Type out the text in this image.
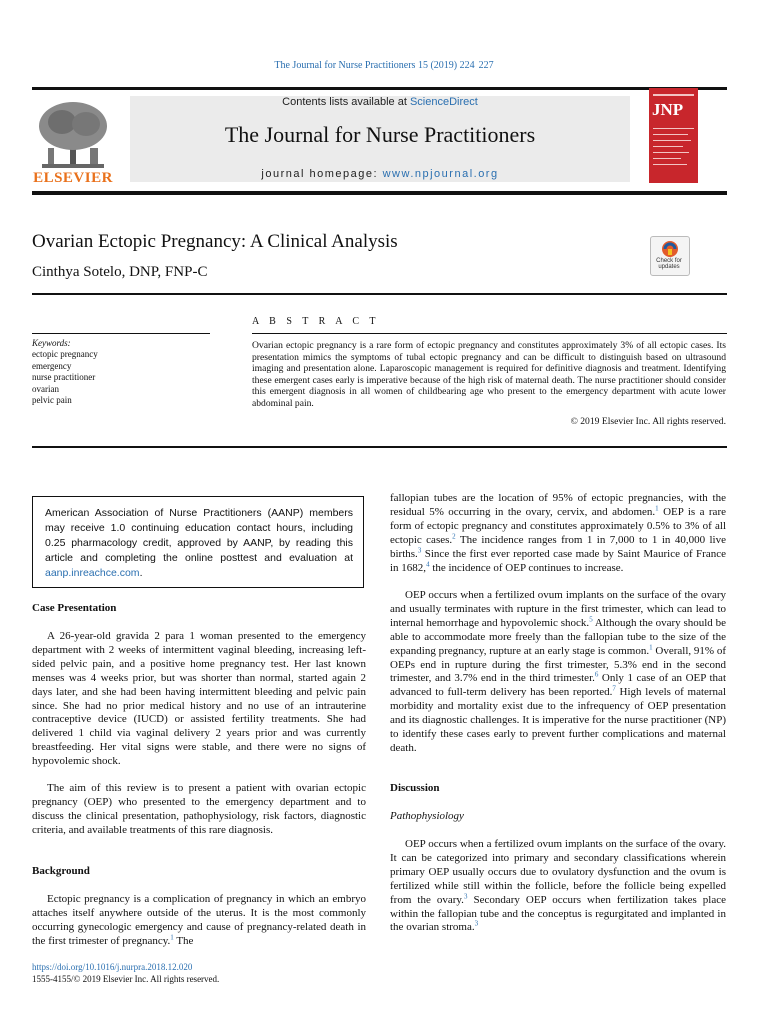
The Journal for Nurse Practitioners 15 (2019) 224  227
ELSEVIER
Contents lists available at ScienceDirect
The Journal for Nurse Practitioners
journal homepage: www.npjournal.org
JNP
Ovarian Ectopic Pregnancy: A Clinical Analysis
Cinthya Sotelo, DNP, FNP-C
Check for updates
A B S T R A C T
Keywords:
ectopic pregnancy
emergency
nurse practitioner
ovarian
pelvic pain
Ovarian ectopic pregnancy is a rare form of ectopic pregnancy and constitutes approximately 3% of all ectopic cases. Its presentation mimics the symptoms of tubal ectopic pregnancy and can be difficult to distinguish based on ultrasound imaging and presentation alone. Laparoscopic management is required for definitive diagnosis and treatment. Identifying these emergent cases early is imperative because of the high risk of maternal death. The nurse practitioner should consider this emergent diagnosis in all women of childbearing age who present to the emergency department with acute lower abdominal pain.
© 2019 Elsevier Inc. All rights reserved.
American Association of Nurse Practitioners (AANP) members may receive 1.0 continuing education contact hours, including 0.25 pharmacology credit, approved by AANP, by reading this article and completing the online posttest and evaluation at aanp.inreachce.com.
Case Presentation
A 26-year-old gravida 2 para 1 woman presented to the emergency department with 2 weeks of intermittent vaginal bleeding, increasing left-sided pelvic pain, and a positive home pregnancy test. Her last known menses was 4 weeks prior, but was shorter than normal, started again 2 days later, and she had been having intermittent bleeding and pelvic pain since. She had no prior medical history and no use of an intrauterine contraceptive device (IUCD) or assisted fertility treatments. She had delivered 1 child via vaginal delivery 2 years prior and was currently breastfeeding. Her vital signs were stable, and there were no signs of hypovolemic shock.
The aim of this review is to present a patient with ovarian ectopic pregnancy (OEP) who presented to the emergency department and to discuss the clinical presentation, pathophysiology, risk factors, diagnostic criteria, and available treatments of this rare diagnosis.
Background
Ectopic pregnancy is a complication of pregnancy in which an embryo attaches itself anywhere outside of the uterus. It is the most commonly occurring gynecologic emergency and cause of pregnancy-related death in the first trimester of pregnancy.$^1$ The
fallopian tubes are the location of 95% of ectopic pregnancies, with the residual 5% occurring in the ovary, cervix, and abdomen.$^1$ OEP is a rare form of ectopic pregnancy and constitutes approximately 0.5% to 3% of all ectopic cases.$^2$ The incidence ranges from 1 in 7,000 to 1 in 40,000 live births.$^3$ Since the first ever reported case made by Saint Maurice of France in 1682,$^4$ the incidence of OEP continues to increase.
OEP occurs when a fertilized ovum implants on the surface of the ovary and usually terminates with rupture in the first trimester, which can lead to internal hemorrhage and hypovolemic shock.$^5$ Although the ovary should be able to accommodate more freely than the fallopian tube to the size of the expanding pregnancy, rupture at an early stage is common.$^1$ Overall, 91% of OEPs end in rupture during the first trimester, 5.3% end in the second trimester, and 3.7% end in the third trimester.$^6$ Only 1 case of an OEP that advanced to full-term delivery has been reported.$^7$ High levels of maternal morbidity and mortality exist due to the infrequency of OEP presentation and its diagnostic challenges. It is imperative for the nurse practitioner (NP) to identify these cases early to prevent further complications and maternal death.
Discussion
Pathophysiology
OEP occurs when a fertilized ovum implants on the surface of the ovary. It can be categorized into primary and secondary classifications wherein primary OEP usually occurs due to ovulatory dysfunction and the ovum is fertilized while still within the follicle, before the follicle being expelled from the ovary.$^3$ Secondary OEP occurs when fertilization takes place within the fallopian tube and the conceptus is regurgitated and implanted in the ovarian stroma.$^3$
https://doi.org/10.1016/j.nurpra.2018.12.020
1555-4155/© 2019 Elsevier Inc. All rights reserved.
